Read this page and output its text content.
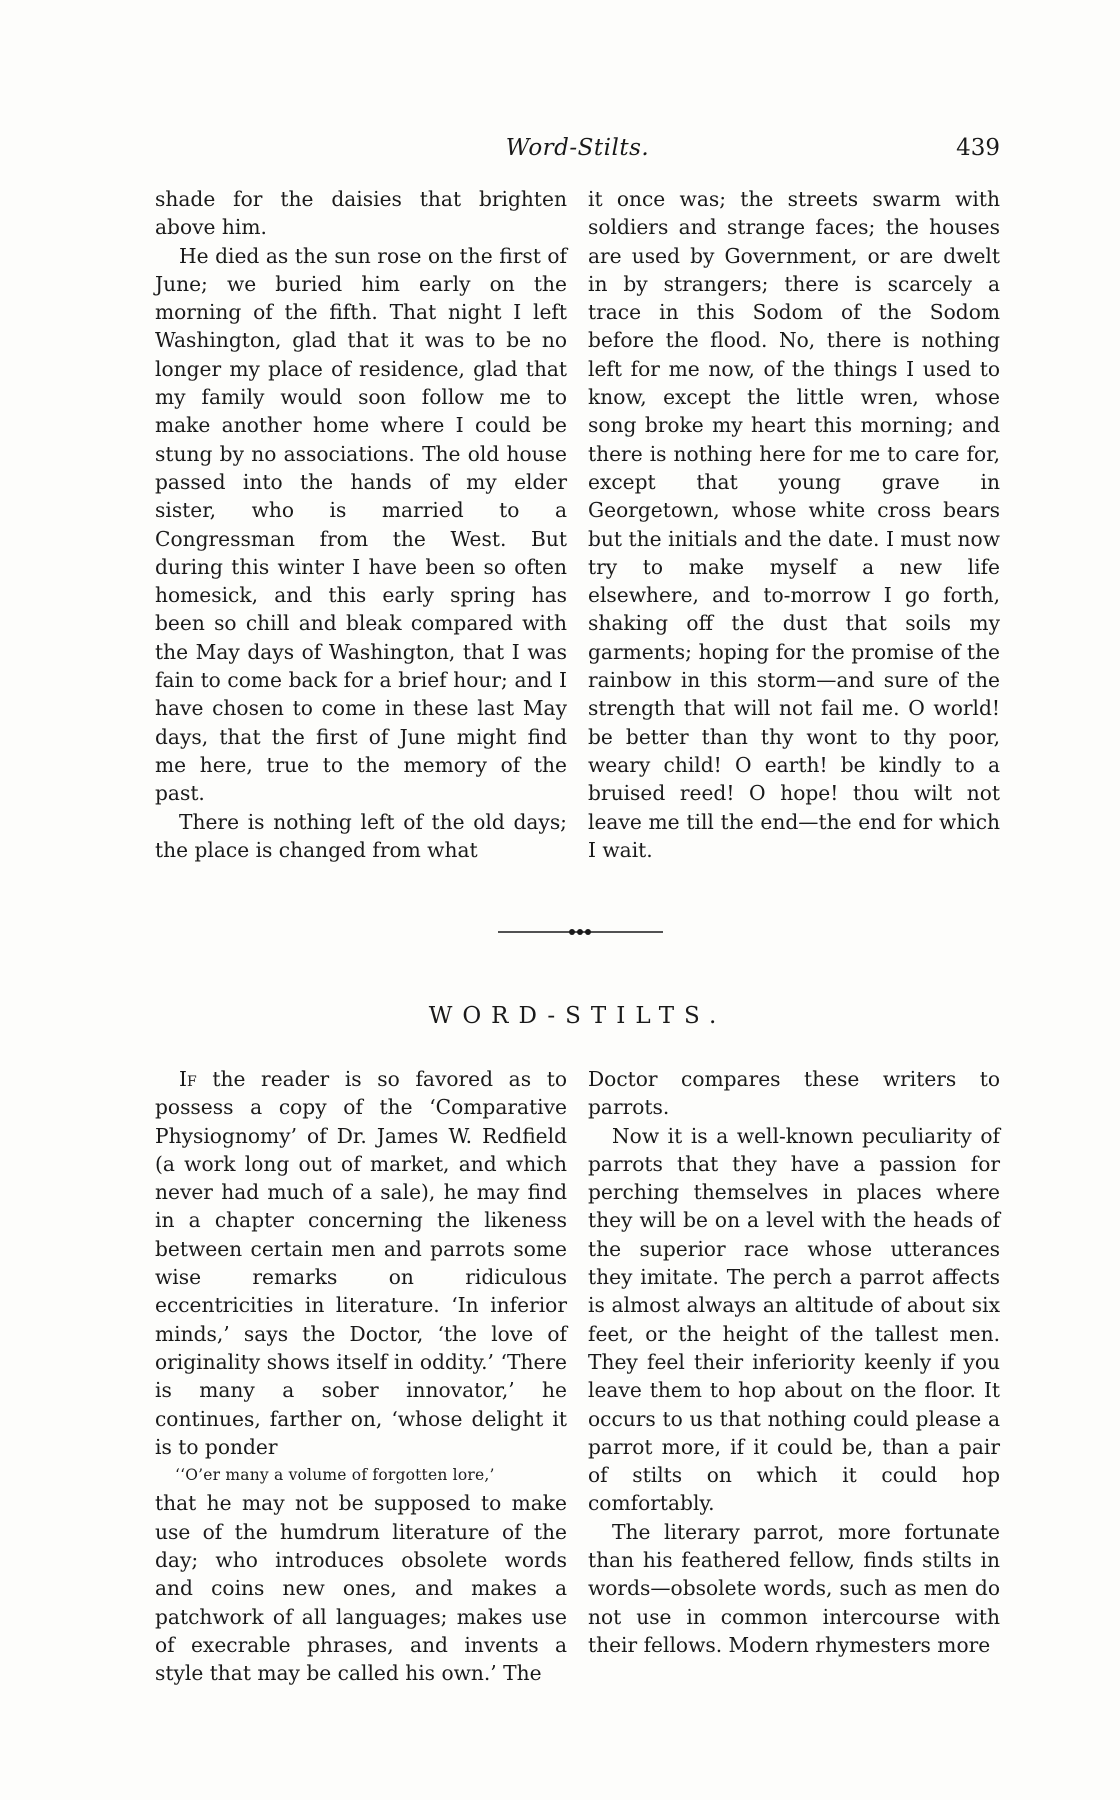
Word-Stilts.	439

shade for the daisies that brighten above him.

He died as the sun rose on the first of June; we buried him early on the morning of the fifth. That night I left Washington, glad that it was to be no longer my place of residence, glad that my family would soon follow me to make another home where I could be stung by no associations. The old house passed into the hands of my elder sister, who is married to a Congressman from the West. But during this winter I have been so often homesick, and this early spring has been so chill and bleak compared with the May days of Washington, that I was fain to come back for a brief hour; and I have chosen to come in these last May days, that the first of June might find me here, true to the memory of the past.

There is nothing left of the old days; the place is changed from what

it once was; the streets swarm with soldiers and strange faces; the houses are used by Government, or are dwelt in by strangers; there is scarcely a trace in this Sodom of the Sodom before the flood. No, there is nothing left for me now, of the things I used to know, except the little wren, whose song broke my heart this morning; and there is nothing here for me to care for, except that young grave in Georgetown, whose white cross bears but the initials and the date. I must now try to make myself a new life elsewhere, and to-morrow I go forth, shaking off the dust that soils my garments; hoping for the promise of the rainbow in this storm—and sure of the strength that will not fail me. O world! be better than thy wont to thy poor, weary child! O earth! be kindly to a bruised reed! O hope! thou wilt not leave me till the end—the end for which I wait.

WORD-STILTS.

If the reader is so favored as to possess a copy of the ‘Comparative Physiognomy’ of Dr. James W. Redfield (a work long out of market, and which never had much of a sale), he may find in a chapter concerning the likeness between certain men and parrots some wise remarks on ridiculous eccentricities in literature. ‘In inferior minds,’ says the Doctor, ‘the love of originality shows itself in oddity.’ ‘There is many a sober innovator,’ he continues, farther on, ‘whose delight it is to ponder

‘‘O’er many a volume of forgotten lore,’

that he may not be supposed to make use of the humdrum literature of the day; who introduces obsolete words and coins new ones, and makes a patchwork of all languages; makes use of execrable phrases, and invents a style that may be called his own.’ The

Doctor compares these writers to parrots.

Now it is a well-known peculiarity of parrots that they have a passion for perching themselves in places where they will be on a level with the heads of the superior race whose utterances they imitate. The perch a parrot affects is almost always an altitude of about six feet, or the height of the tallest men. They feel their inferiority keenly if you leave them to hop about on the floor. It occurs to us that nothing could please a parrot more, if it could be, than a pair of stilts on which it could hop comfortably.

The literary parrot, more fortunate than his feathered fellow, finds stilts in words—obsolete words, such as men do not use in common intercourse with their fellows. Modern rhymesters more
